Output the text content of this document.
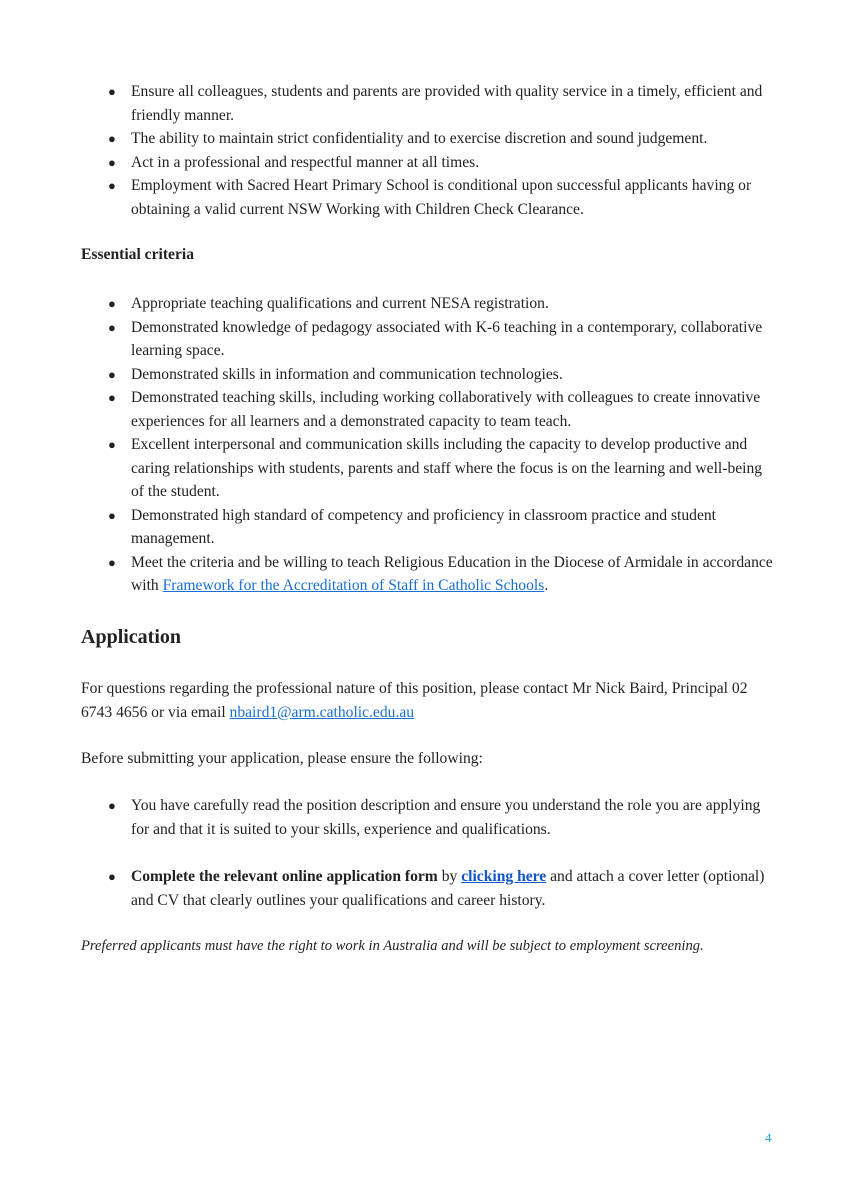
● Ensure all colleagues, students and parents are provided with quality service in a timely, efficient and friendly manner.
● The ability to maintain strict confidentiality and to exercise discretion and sound judgement.
● Act in a professional and respectful manner at all times.
● Employment with Sacred Heart Primary School is conditional upon successful applicants having or obtaining a valid current NSW Working with Children Check Clearance.
Essential criteria
● Appropriate teaching qualifications and current NESA registration.
● Demonstrated knowledge of pedagogy associated with K-6 teaching in a contemporary, collaborative learning space.
● Demonstrated skills in information and communication technologies.
● Demonstrated teaching skills, including working collaboratively with colleagues to create innovative experiences for all learners and a demonstrated capacity to team teach.
● Excellent interpersonal and communication skills including the capacity to develop productive and caring relationships with students, parents and staff where the focus is on the learning and well-being of the student.
● Demonstrated high standard of competency and proficiency in classroom practice and student management.
● Meet the criteria and be willing to teach Religious Education in the Diocese of Armidale in accordance with Framework for the Accreditation of Staff in Catholic Schools.
Application
For questions regarding the professional nature of this position, please contact Mr Nick Baird, Principal 02 6743 4656 or via email nbaird1@arm.catholic.edu.au
Before submitting your application, please ensure the following:
● You have carefully read the position description and ensure you understand the role you are applying for and that it is suited to your skills, experience and qualifications.
● Complete the relevant online application form by clicking here and attach a cover letter (optional) and CV that clearly outlines your qualifications and career history.
Preferred applicants must have the right to work in Australia and will be subject to employment screening.
4
